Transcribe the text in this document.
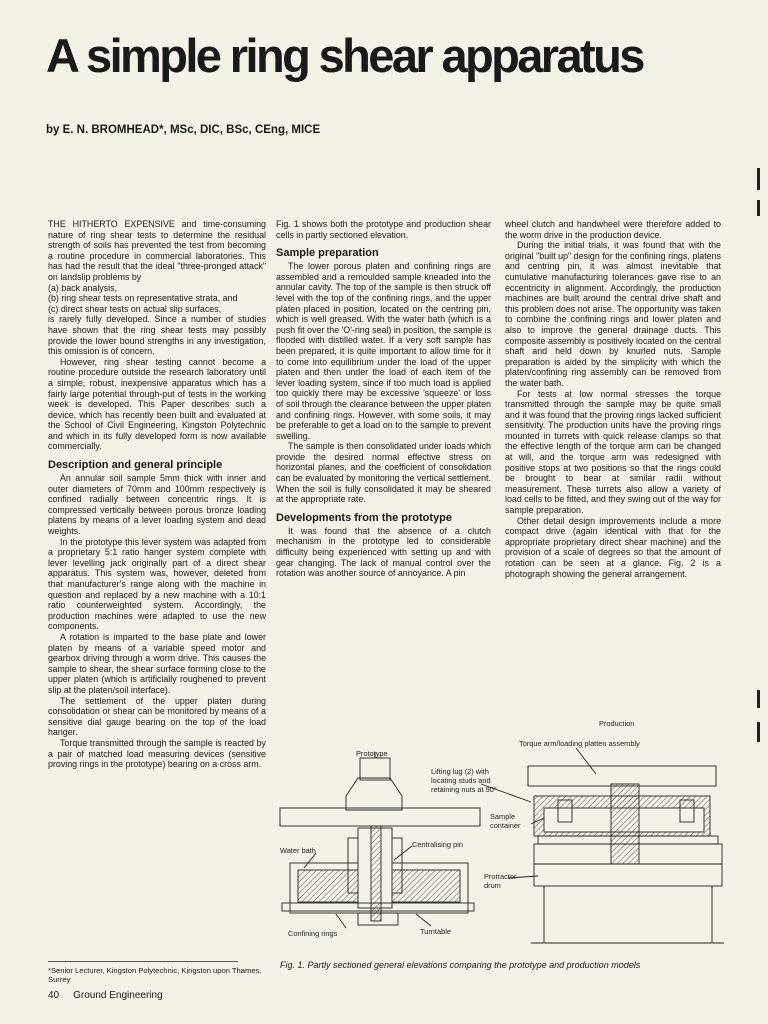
A simple ring shear apparatus
by E. N. BROMHEAD*, MSc, DIC, BSc, CEng, MICE

THE HITHERTO EXPENSIVE and time-consuming nature of ring shear tests to determine the residual strength of soils has prevented the test from becoming a routine procedure in commercial laboratories. This has had the result that the ideal "three-pronged attack" on landslip problems by

(a) back analysis,
(b) ring shear tests on representative strata, and
(c) direct shear tests on actual slip surfaces,

is rarely fully developed. Since a number of studies have shown that the ring shear tests may possibly provide the lower bound strengths in any investigation, this omission is of concern.

However, ring shear testing cannot become a routine procedure outside the research laboratory until a simple, robust, inexpensive apparatus which has a fairly large potential through-put of tests in the working week is developed. This Paper describes such a device, which has recently been built and evaluated at the School of Civil Engineering, Kingston Polytechnic and which in its fully developed form is now available commercially.

Description and general principle

An annular soil sample 5mm thick with inner and outer diameters of 70mm and 100mm respectively is confined radially between concentric rings. It is compressed vertically between porous bronze loading platens by means of a lever loading system and dead weights.

In the prototype this lever system was adapted from a proprietary 5:1 ratio hanger system complete with lever levelling jack originally part of a direct shear apparatus. This system was, however, deleted from that manufacturer's range along with the machine in question and replaced by a new machine with a 10:1 ratio counterweighted system. Accordingly, the production machines were adapted to use the new components.

A rotation is imparted to the base plate and lower platen by means of a variable speed motor and gearbox driving through a worm drive. This causes the sample to shear, the shear surface forming close to the upper platen (which is artificially roughened to prevent slip at the platen/soil interface).

The settlement of the upper platen during consolidation or shear can be monitored by means of a sensitive dial gauge bearing on the top of the load hanger.

Torque transmitted through the sample is reacted by a pair of matched load measuring devices (sensitive proving rings in the prototype) bearing on a cross arm.

Fig. 1 shows both the prototype and production shear cells in partly sectioned elevation.

Sample preparation

The lower porous platen and confining rings are assembled and a remoulded sample kneaded into the annular cavity. The top of the sample is then struck off level with the top of the confining rings, and the upper platen placed in position, located on the centring pin, which is well greased. With the water bath (which is a push fit over the 'O'-ring seal) in position, the sample is flooded with distilled water. If a very soft sample has been prepared, it is quite important to allow time for it to come into equilibrium under the load of the upper platen and then under the load of each item of the lever loading system, since if too much load is applied too quickly there may be excessive 'squeeze' or loss of soil through the clearance between the upper platen and confining rings. However, with some soils, it may be preferable to get a load on to the sample to prevent swelling.

The sample is then consolidated under loads which provide the desired normal effective stress on horizontal planes, and the coefficient of consolidation can be evaluated by monitoring the vertical settlement. When the soil is fully consolidated it may be sheared at the appropriate rate.

Developments from the prototype

It was found that the absence of a clutch mechanism in the prototype led to considerable difficulty being experienced with setting up and with gear changing. The lack of manual control over the rotation was another source of annoyance. A pin

wheel clutch and handwheel were therefore added to the worm drive in the production device.

During the initial trials, it was found that with the original "built up" design for the confining rings, platens and centring pin, it was almost inevitable that cumulative manufacturing tolerances gave rise to an eccentricity in alignment. Accordingly, the production machines are built around the central drive shaft and this problem does not arise. The opportunity was taken to combine the confining rings and lower platen and also to improve the general drainage ducts. This composite assembly is positively located on the central shaft and held down by knurled nuts. Sample preparation is aided by the simplicity with which the platen/confining ring assembly can be removed from the water bath.

For tests at low normal stresses the torque transmitted through the sample may be quite small and it was found that the proving rings lacked sufficient sensitivity. The production units have the proving rings mounted in turrets with quick release clamps so that the effective length of the torque arm can be changed at will, and the torque arm was redesigned with positive stops at two positions so that the rings could be brought to bear at similar radii without measurement. These turrets also allow a variety of load cells to be fitted, and they swing out of the way for sample preparation.

Other detail design improvements include a more compact drive (again identical with that for the appropriate proprietary direct shear machine) and the provision of a scale of degrees so that the amount of rotation can be seen at a glance. Fig. 2 is a photograph showing the general arrangement.

Prototype
Production
Torque arm/loading platten assembly
Lifting lug (2) with
locating studs and
retaining nuts at 90°
Sample
container
Centralising pin
Water bath
Protractor
drum
Confining rings	Turntable
Fig. 1. Partly sectioned general elevations comparing the prototype and production models
*Senior Lecturer, Kingston Polytechnic, Kingston upon Thames, Surrey
40 Ground Engineering
